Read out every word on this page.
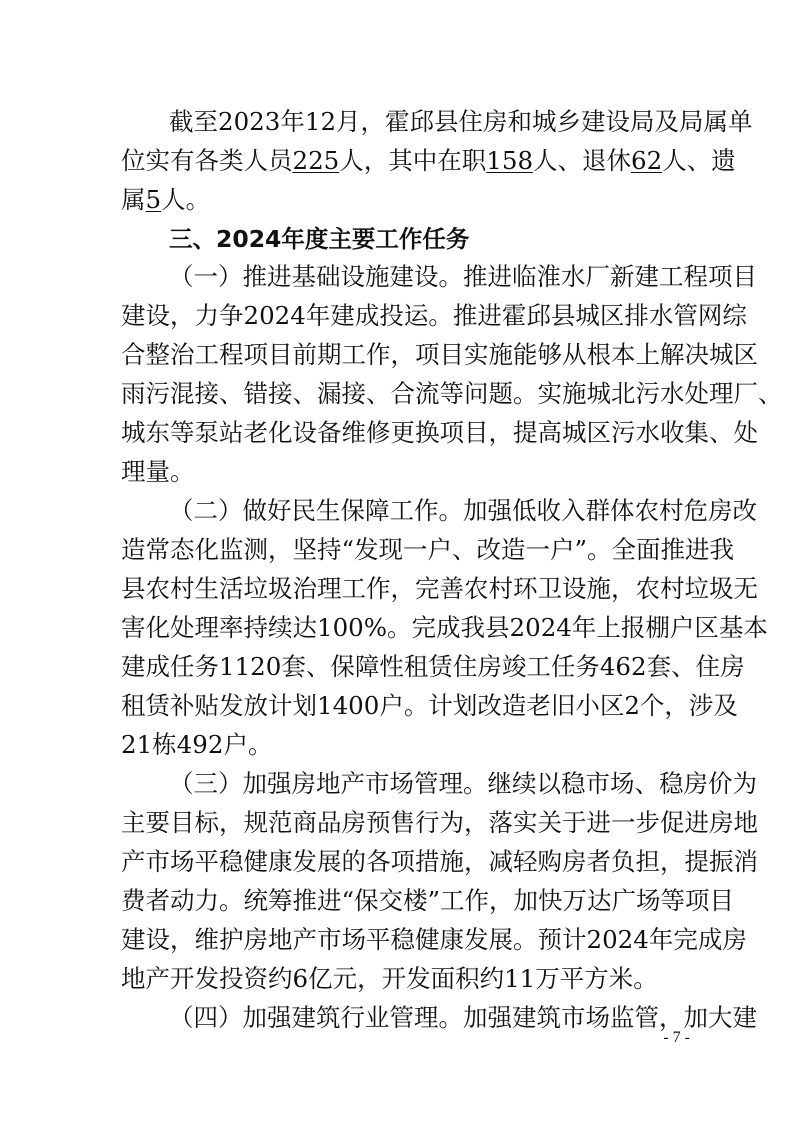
截至2023年12月，霍邱县住房和城乡建设局及局属单
位实有各类人员225人，其中在职158人、退休62人、遗
属5人。
三、2024年度主要工作任务
（一）推进基础设施建设。推进临淮水厂新建工程项目
建设，力争2024年建成投运。推进霍邱县城区排水管网综
合整治工程项目前期工作，项目实施能够从根本上解决城区
雨污混接、错接、漏接、合流等问题。实施城北污水处理厂、
城东等泵站老化设备维修更换项目，提高城区污水收集、处
理量。
（二）做好民生保障工作。加强低收入群体农村危房改
造常态化监测，坚持“发现一户、改造一户”。全面推进我
县农村生活垃圾治理工作，完善农村环卫设施，农村垃圾无
害化处理率持续达100%。完成我县2024年上报棚户区基本
建成任务1120套、保障性租赁住房竣工任务462套、住房
租赁补贴发放计划1400户。计划改造老旧小区2个，涉及
21栋492户。
（三）加强房地产市场管理。继续以稳市场、稳房价为
主要目标，规范商品房预售行为，落实关于进一步促进房地
产市场平稳健康发展的各项措施，减轻购房者负担，提振消
费者动力。统筹推进“保交楼”工作，加快万达广场等项目
建设，维护房地产市场平稳健康发展。预计2024年完成房
地产开发投资约6亿元，开发面积约11万平方米。
（四）加强建筑行业管理。加强建筑市场监管，加大建
- 7 -
